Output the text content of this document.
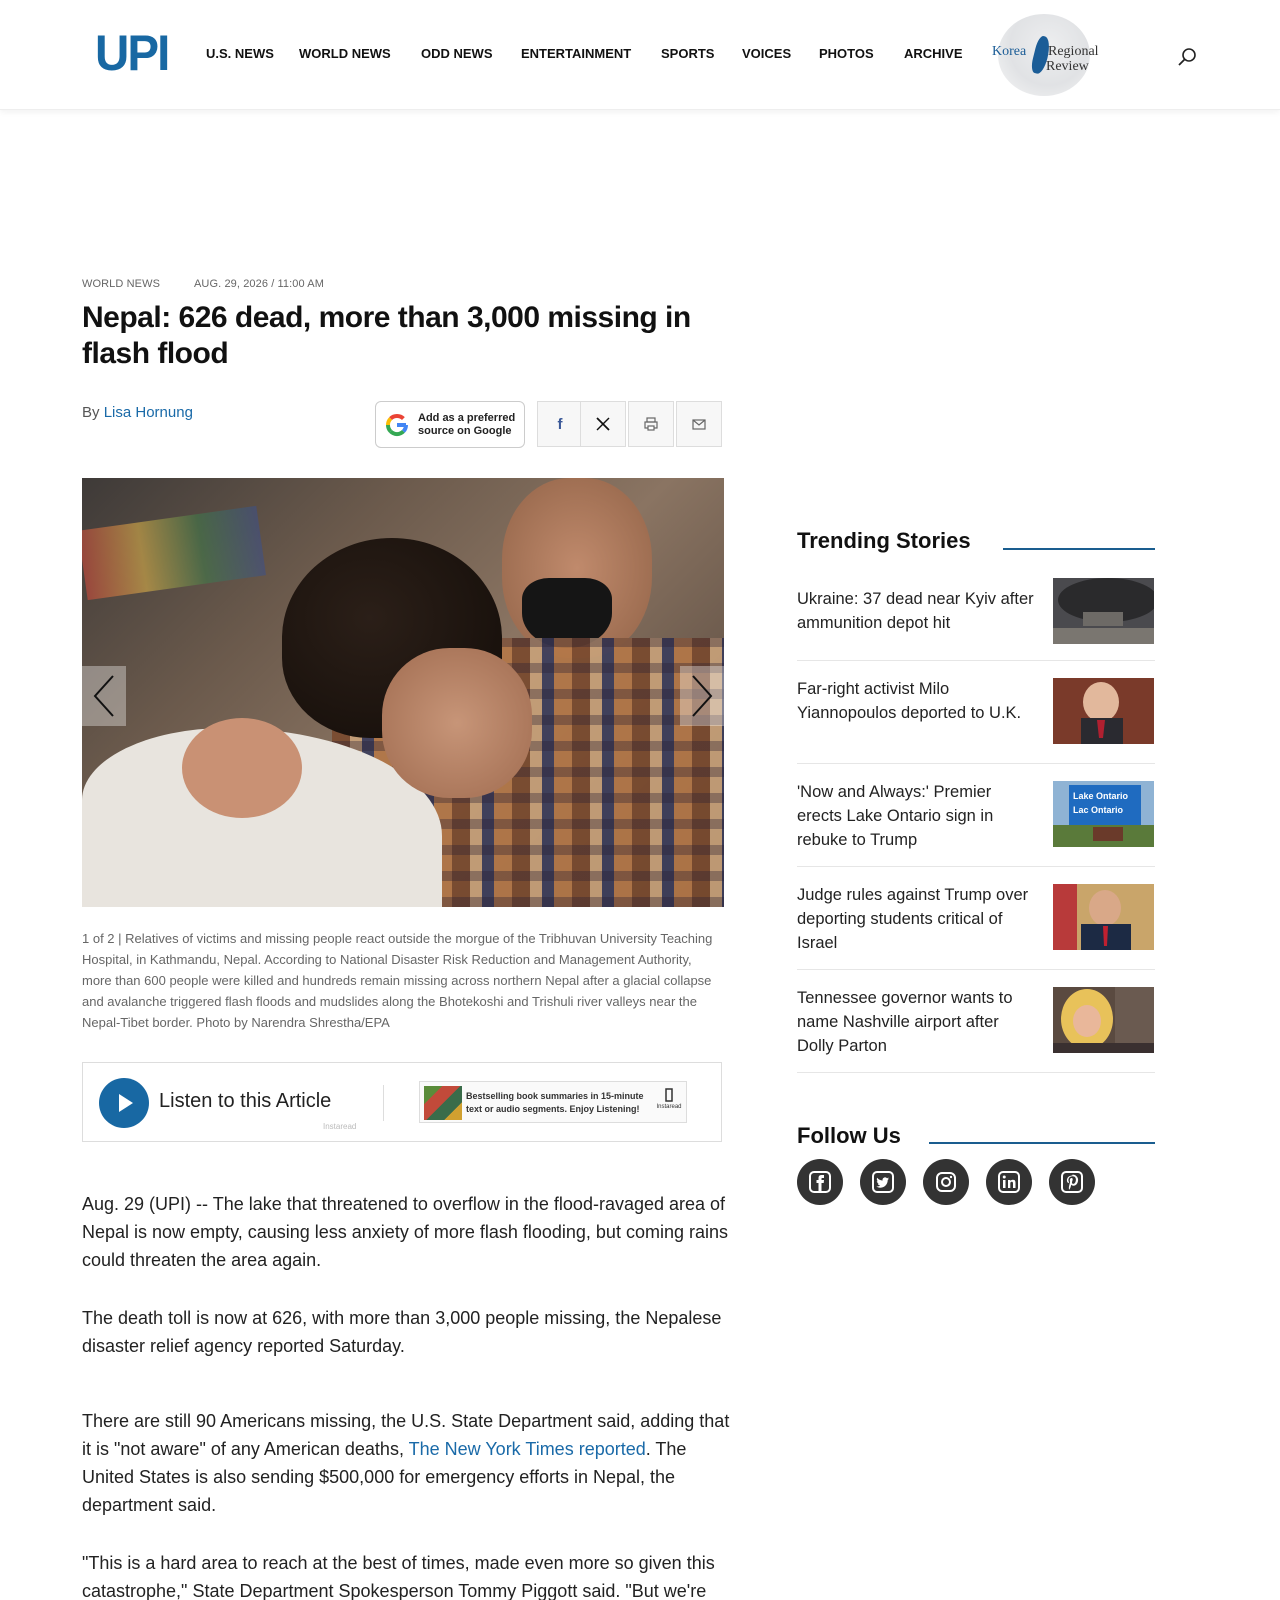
UPI	U.S. NEWS WORLD NEWS ODD NEWS ENTERTAINMENT SPORTS VOICES PHOTOS ARCHIVE Korea Regional
Review
WORLD NEWS	AUG. 29, 2026 / 11:00 AM
Nepal: 626 dead, more than 3,000 missing in flash flood
By Lisa Hornung	Add as a preferred
source on Google	f

1 of 2 | Relatives of victims and missing people react outside the morgue of the Tribhuvan University Teaching Hospital, in Kathmandu, Nepal. According to National Disaster Risk Reduction and Management Authority, more than 600 people were killed and hundreds remain missing across northern Nepal after a glacial collapse and avalanche triggered flash floods and mudslides along the Bhotekoshi and Trishuli river valleys near the Nepal-Tibet border. Photo by Narendra Shrestha/EPA

Listen to this Article
Instaread
Bestselling book summaries in 15-minute text or audio segments. Enjoy Listening!	Instaread

Aug. 29 (UPI) -- The lake that threatened to overflow in the flood-ravaged area of Nepal is now empty, causing less anxiety of more flash flooding, but coming rains could threaten the area again.

The death toll is now at 626, with more than 3,000 people missing, the Nepalese disaster relief agency reported Saturday.

There are still 90 Americans missing, the U.S. State Department said, adding that it is "not aware" of any American deaths, The New York Times reported. The United States is also sending $500,000 for emergency efforts in Nepal, the department said.

"This is a hard area to reach at the best of times, made even more so given this catastrophe," State Department Spokesperson Tommy Piggott said. "But we're

Trending Stories
Ukraine: 37 dead near Kyiv after ammunition depot hit
Far-right activist Milo Yiannopoulos deported to U.K.
'Now and Always:' Premier erects Lake Ontario sign in rebuke to Trump
Lake Ontario
Lac Ontario
Judge rules against Trump over deporting students critical of Israel
Tennessee governor wants to name Nashville airport after Dolly Parton
Follow Us
